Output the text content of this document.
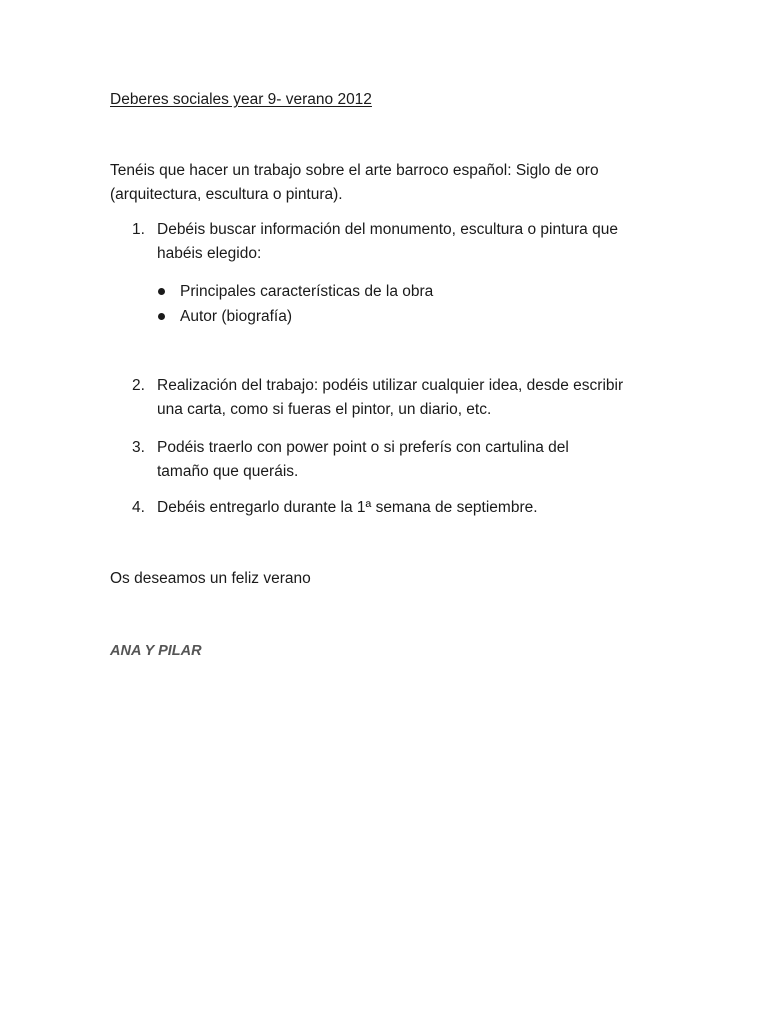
Deberes sociales year 9- verano 2012
Tenéis que hacer un trabajo sobre el arte barroco español: Siglo de oro
(arquitectura, escultura o pintura).
1. Debéis buscar información del monumento, escultura o pintura que
habéis elegido:
Principales características de la obra
Autor (biografía)
2. Realización del trabajo: podéis utilizar cualquier idea, desde escribir
una carta, como si fueras el pintor, un diario, etc.
3. Podéis traerlo con power point o si preferís con cartulina del
tamaño que queráis.
4. Debéis entregarlo durante la 1ª semana de septiembre.
Os deseamos un feliz verano
ANA Y PILAR
